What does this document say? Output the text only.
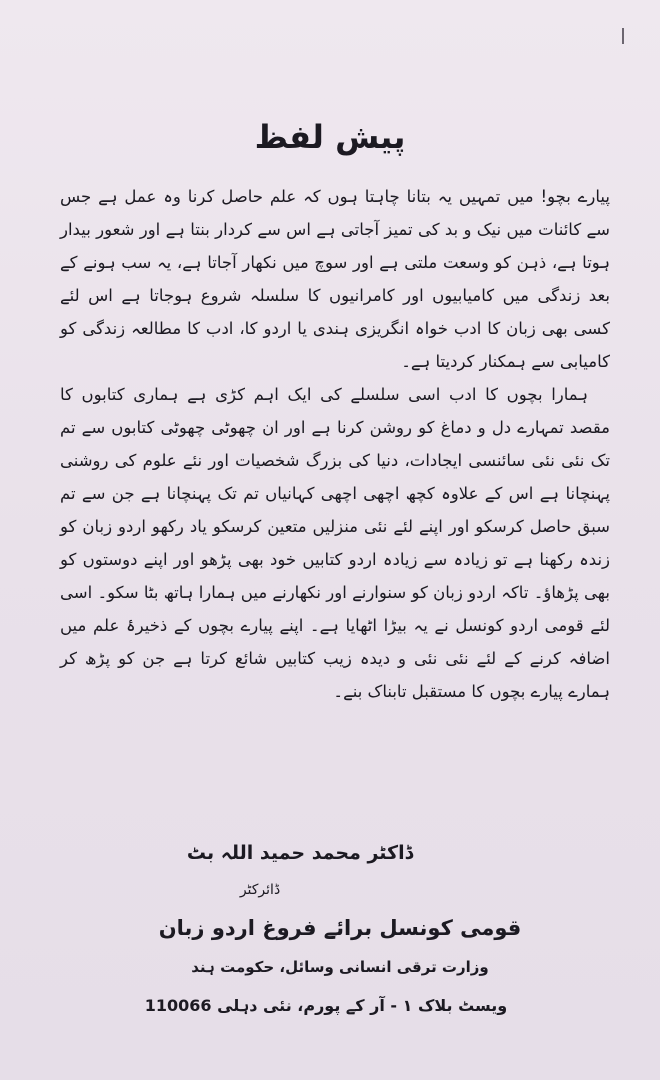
پیش لفظ

پیارے بچو! میں تمہیں یہ بتانا چاہتا ہوں کہ علم حاصل کرنا وہ عمل ہے جس سے کائنات میں نیک و بد کی تمیز آجاتی ہے اس سے کردار بنتا ہے اور شعور بیدار ہوتا ہے، ذہن کو وسعت ملتی ہے اور سوچ میں نکھار آجاتا ہے، یہ سب ہونے کے بعد زندگی میں کامیابیوں اور کامرانیوں کا سلسلہ شروع ہوجاتا ہے اس لئے کسی بھی زبان کا ادب خواہ انگریزی ہندی یا اردو کا، ادب کا مطالعہ زندگی کو کامیابی سے ہمکنار کردیتا ہے۔

ہمارا بچوں کا ادب اسی سلسلے کی ایک اہم کڑی ہے ہماری کتابوں کا مقصد تمہارے دل و دماغ کو روشن کرنا ہے اور ان چھوٹی چھوٹی کتابوں سے تم تک نئی نئی سائنسی ایجادات، دنیا کی بزرگ شخصیات اور نئے علوم کی روشنی پہنچانا ہے اس کے علاوہ کچھ اچھی اچھی کہانیاں تم تک پہنچانا ہے جن سے تم سبق حاصل کرسکو اور اپنے لئے نئی منزلیں متعین کرسکو یاد رکھو اردو زبان کو زندہ رکھنا ہے تو زیادہ سے زیادہ اردو کتابیں خود بھی پڑھو اور اپنے دوستوں کو بھی پڑھاؤ۔ تاکہ اردو زبان کو سنوارنے اور نکھارنے میں ہمارا ہاتھ بٹا سکو۔ اسی لئے قومی اردو کونسل نے یہ بیڑا اٹھایا ہے۔ اپنے پیارے بچوں کے ذخیرۂ علم میں اضافہ کرنے کے لئے نئی نئی و دیدہ زیب کتابیں شائع کرتا ہے جن کو پڑھ کر ہمارے پیارے بچوں کا مستقبل تابناک بنے۔

ڈاکٹر محمد حمید اللہ بٹ
ڈائرکٹر
قومی کونسل برائے فروغ اردو زبان
وزارت ترقی انسانی وسائل، حکومت ہند
ویسٹ بلاک ۱ - آر کے پورم، نئی دہلی 110066
